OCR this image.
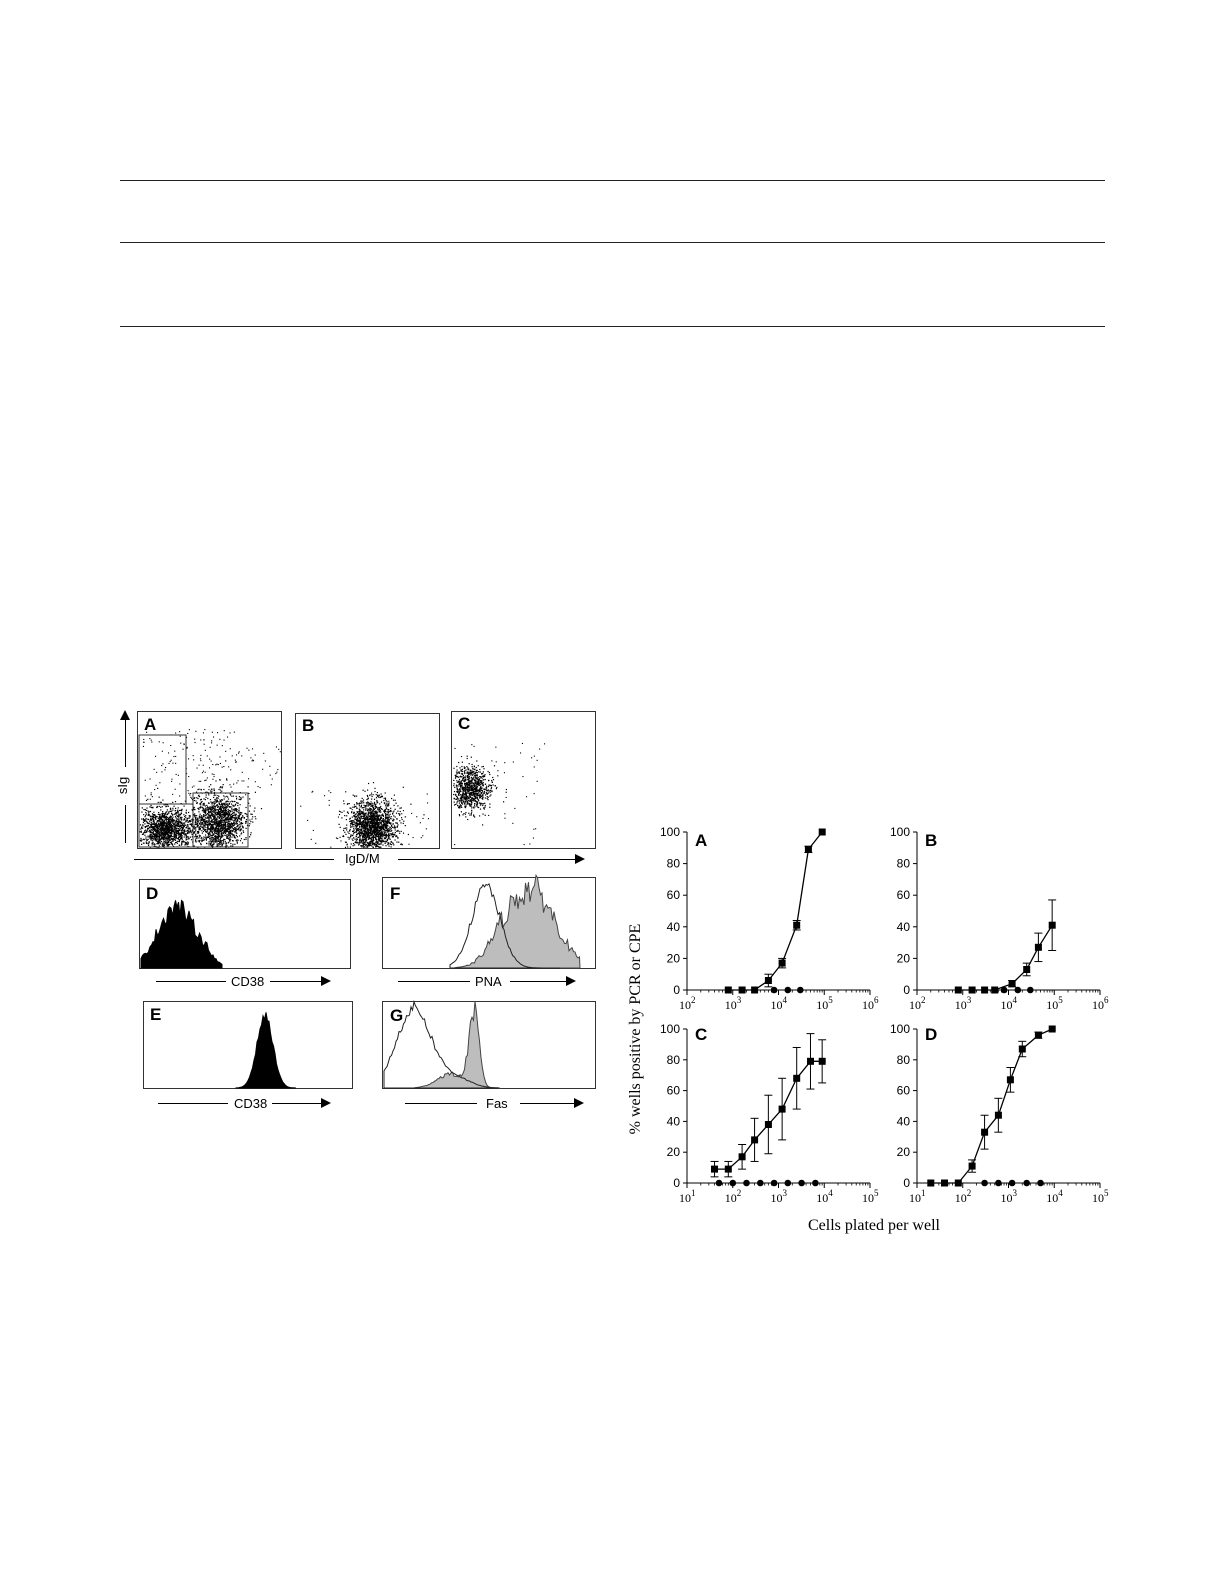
A	B	C
D
E
F
G
sIg
IgD/M
CD38
CD38
PNA
Fas
0
20
40
60
80
100
$10^2$ $10^3$ $10^4$ $10^5$ $10^6$
0
20
40
60
80
100
$10^2$ $10^3$ $10^4$ $10^5$ $10^6$
0
20
40
60
80
100
$10^1$ $10^2$ $10^3$ $10^4$ $10^5$
0
20
40
60
80
100
$10^1$ $10^2$ $10^3$ $10^4$ $10^5$
A	B
C	D
% wells positive by PCR or CPE
Cells plated per well
